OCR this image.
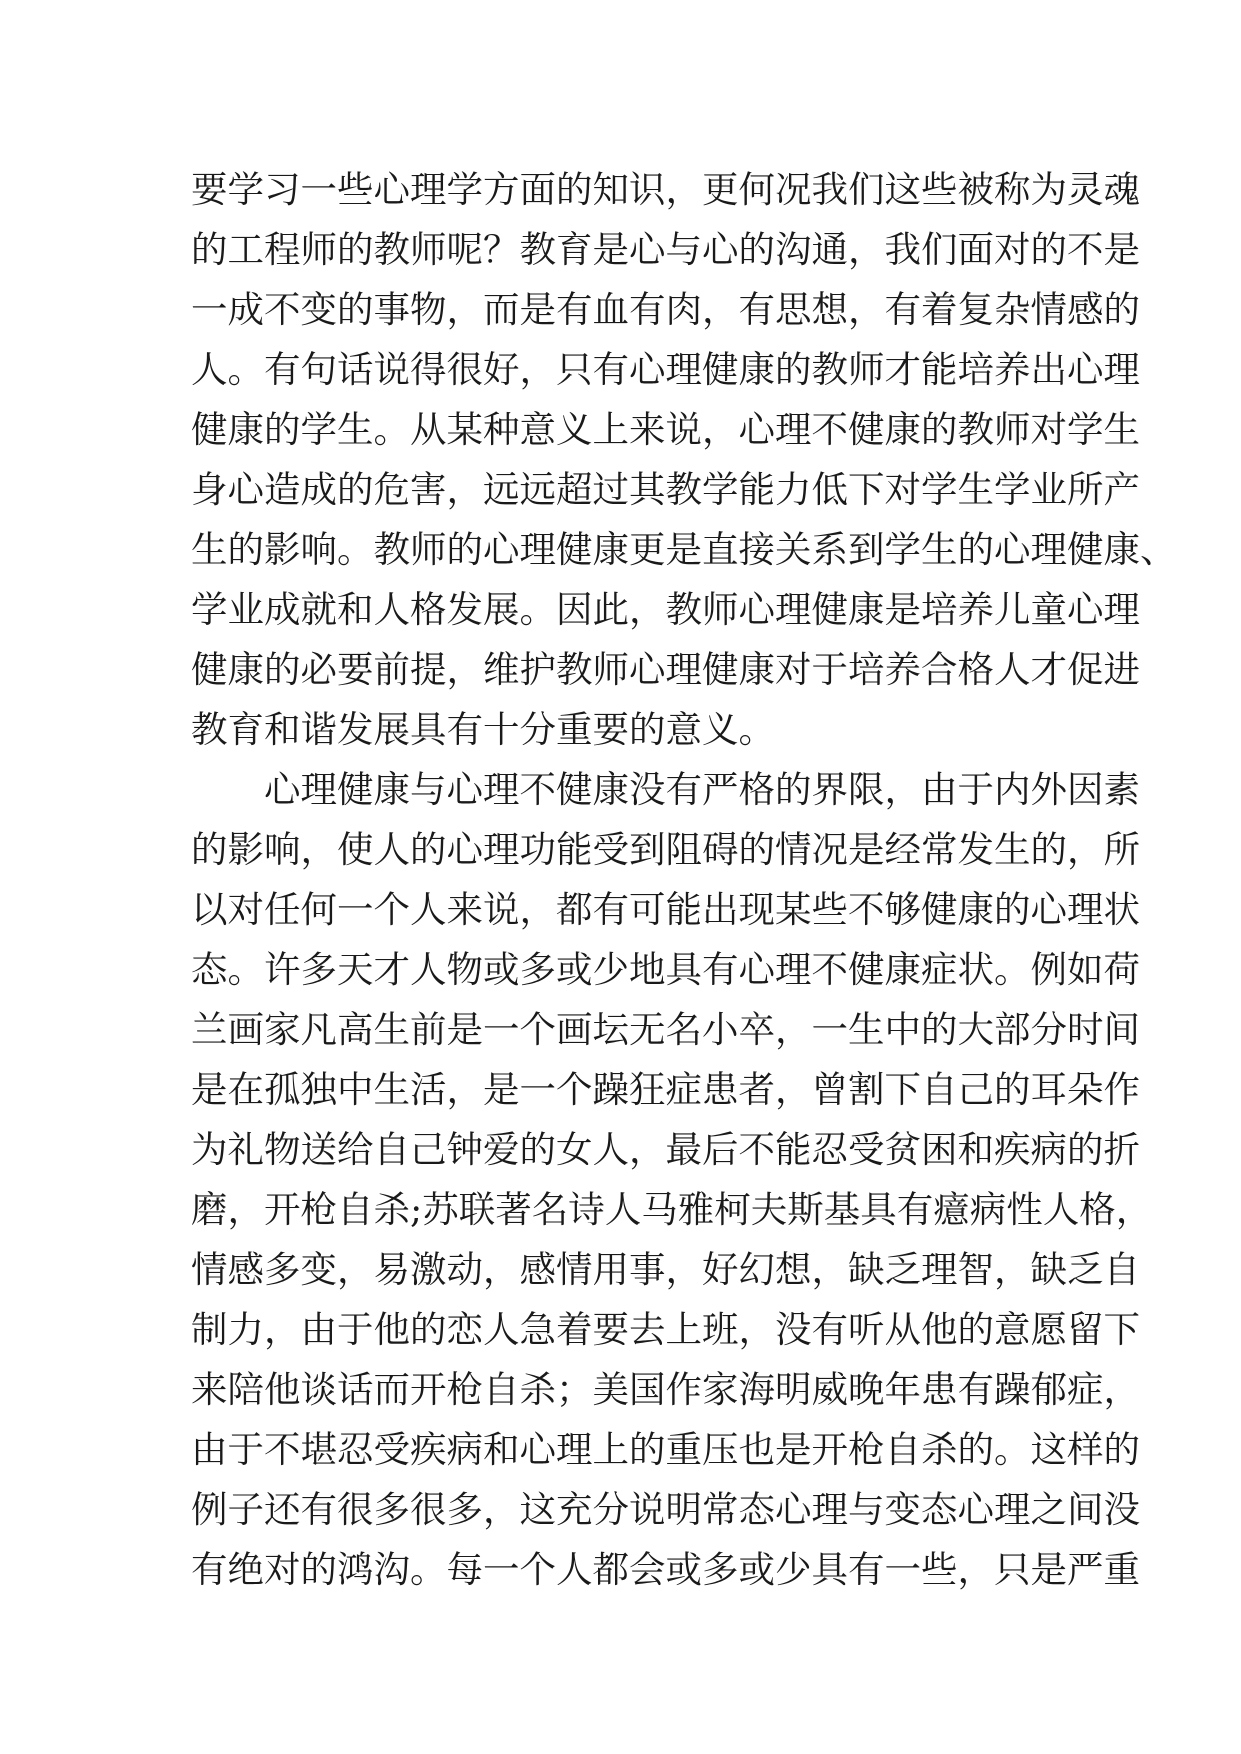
要学习一些心理学方面的知识，更何况我们这些被称为灵魂
的工程师的教师呢？教育是心与心的沟通，我们面对的不是
一成不变的事物，而是有血有肉，有思想，有着复杂情感的
人。有句话说得很好，只有心理健康的教师才能培养出心理
健康的学生。从某种意义上来说，心理不健康的教师对学生
身心造成的危害，远远超过其教学能力低下对学生学业所产
生的影响。教师的心理健康更是直接关系到学生的心理健康、
学业成就和人格发展。因此，教师心理健康是培养儿童心理
健康的必要前提，维护教师心理健康对于培养合格人才促进
教育和谐发展具有十分重要的意义。
心理健康与心理不健康没有严格的界限，由于内外因素
的影响，使人的心理功能受到阻碍的情况是经常发生的，所
以对任何一个人来说，都有可能出现某些不够健康的心理状
态。许多天才人物或多或少地具有心理不健康症状。例如荷
兰画家凡高生前是一个画坛无名小卒，一生中的大部分时间
是在孤独中生活，是一个躁狂症患者，曾割下自己的耳朵作
为礼物送给自己钟爱的女人，最后不能忍受贫困和疾病的折
磨，开枪自杀;苏联著名诗人马雅柯夫斯基具有癔病性人格，
情感多变，易激动，感情用事，好幻想，缺乏理智，缺乏自
制力，由于他的恋人急着要去上班，没有听从他的意愿留下
来陪他谈话而开枪自杀；美国作家海明威晚年患有躁郁症，
由于不堪忍受疾病和心理上的重压也是开枪自杀的。这样的
例子还有很多很多，这充分说明常态心理与变态心理之间没
有绝对的鸿沟。每一个人都会或多或少具有一些，只是严重
